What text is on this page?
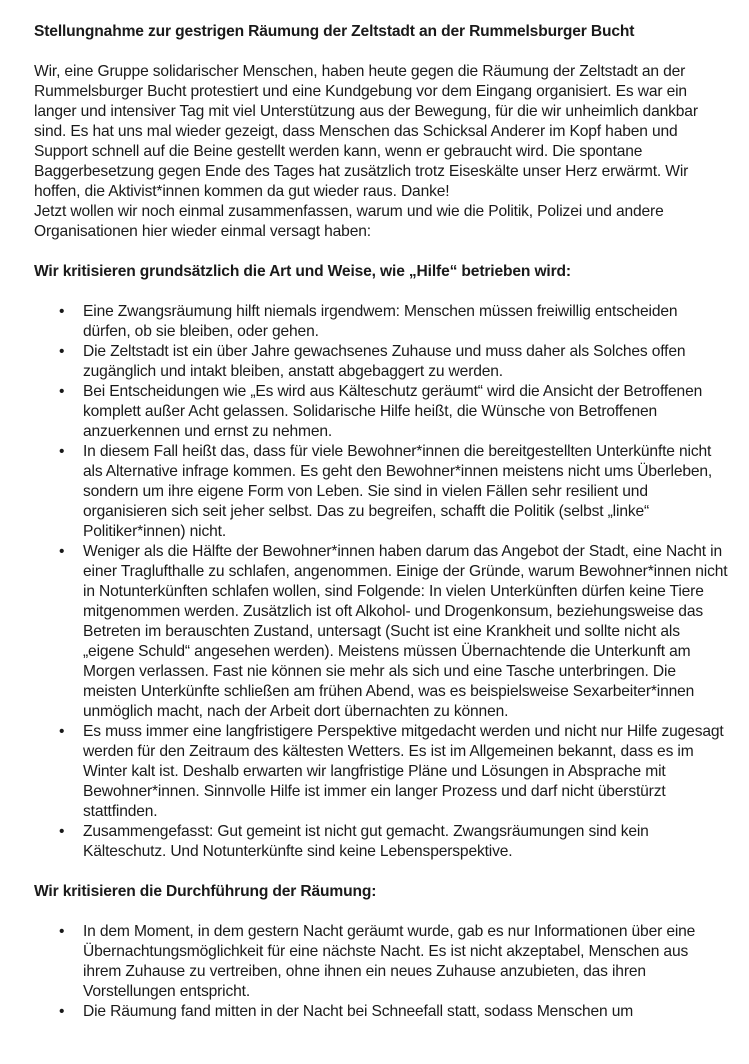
Stellungnahme zur gestrigen Räumung der Zeltstadt an der Rummelsburger Bucht

Wir, eine Gruppe solidarischer Menschen, haben heute gegen die Räumung der Zeltstadt an der Rummelsburger Bucht protestiert und eine Kundgebung vor dem Eingang organisiert. Es war ein langer und intensiver Tag mit viel Unterstützung aus der Bewegung, für die wir unheimlich dankbar sind. Es hat uns mal wieder gezeigt, dass Menschen das Schicksal Anderer im Kopf haben und Support schnell auf die Beine gestellt werden kann, wenn er gebraucht wird. Die spontane Baggerbesetzung gegen Ende des Tages hat zusätzlich trotz Eiseskälte unser Herz erwärmt. Wir hoffen, die Aktivist*innen kommen da gut wieder raus. Danke!

Jetzt wollen wir noch einmal zusammenfassen, warum und wie die Politik, Polizei und andere Organisationen hier wieder einmal versagt haben:

Wir kritisieren grundsätzlich die Art und Weise, wie „Hilfe“ betrieben wird:

• Eine Zwangsräumung hilft niemals irgendwem: Menschen müssen freiwillig entscheiden dürfen, ob sie bleiben, oder gehen.
• Die Zeltstadt ist ein über Jahre gewachsenes Zuhause und muss daher als Solches offen zugänglich und intakt bleiben, anstatt abgebaggert zu werden.
• Bei Entscheidungen wie „Es wird aus Kälteschutz geräumt“ wird die Ansicht der Betroffenen komplett außer Acht gelassen. Solidarische Hilfe heißt, die Wünsche von Betroffenen anzuerkennen und ernst zu nehmen.
• In diesem Fall heißt das, dass für viele Bewohner*innen die bereitgestellten Unterkünfte nicht als Alternative infrage kommen. Es geht den Bewohner*innen meistens nicht ums Überleben, sondern um ihre eigene Form von Leben. Sie sind in vielen Fällen sehr resilient und organisieren sich seit jeher selbst. Das zu begreifen, schafft die Politik (selbst „linke“ Politiker*innen) nicht.
• Weniger als die Hälfte der Bewohner*innen haben darum das Angebot der Stadt, eine Nacht in einer Traglufthalle zu schlafen, angenommen. Einige der Gründe, warum Bewohner*innen nicht in Notunterkünften schlafen wollen, sind Folgende: In vielen Unterkünften dürfen keine Tiere mitgenommen werden. Zusätzlich ist oft Alkohol- und Drogenkonsum, beziehungsweise das Betreten im berauschten Zustand, untersagt (Sucht ist eine Krankheit und sollte nicht als „eigene Schuld“ angesehen werden). Meistens müssen Übernachtende die Unterkunft am Morgen verlassen. Fast nie können sie mehr als sich und eine Tasche unterbringen. Die meisten Unterkünfte schließen am frühen Abend, was es beispielsweise Sexarbeiter*innen unmöglich macht, nach der Arbeit dort übernachten zu können.
• Es muss immer eine langfristigere Perspektive mitgedacht werden und nicht nur Hilfe zugesagt werden für den Zeitraum des kältesten Wetters. Es ist im Allgemeinen bekannt, dass es im Winter kalt ist. Deshalb erwarten wir langfristige Pläne und Lösungen in Absprache mit Bewohner*innen. Sinnvolle Hilfe ist immer ein langer Prozess und darf nicht überstürzt stattfinden.
• Zusammengefasst: Gut gemeint ist nicht gut gemacht. Zwangsräumungen sind kein Kälteschutz. Und Notunterkünfte sind keine Lebensperspektive.

Wir kritisieren die Durchführung der Räumung:

• In dem Moment, in dem gestern Nacht geräumt wurde, gab es nur Informationen über eine Übernachtungsmöglichkeit für eine nächste Nacht. Es ist nicht akzeptabel, Menschen aus ihrem Zuhause zu vertreiben, ohne ihnen ein neues Zuhause anzubieten, das ihren Vorstellungen entspricht.
• Die Räumung fand mitten in der Nacht bei Schneefall statt, sodass Menschen um
